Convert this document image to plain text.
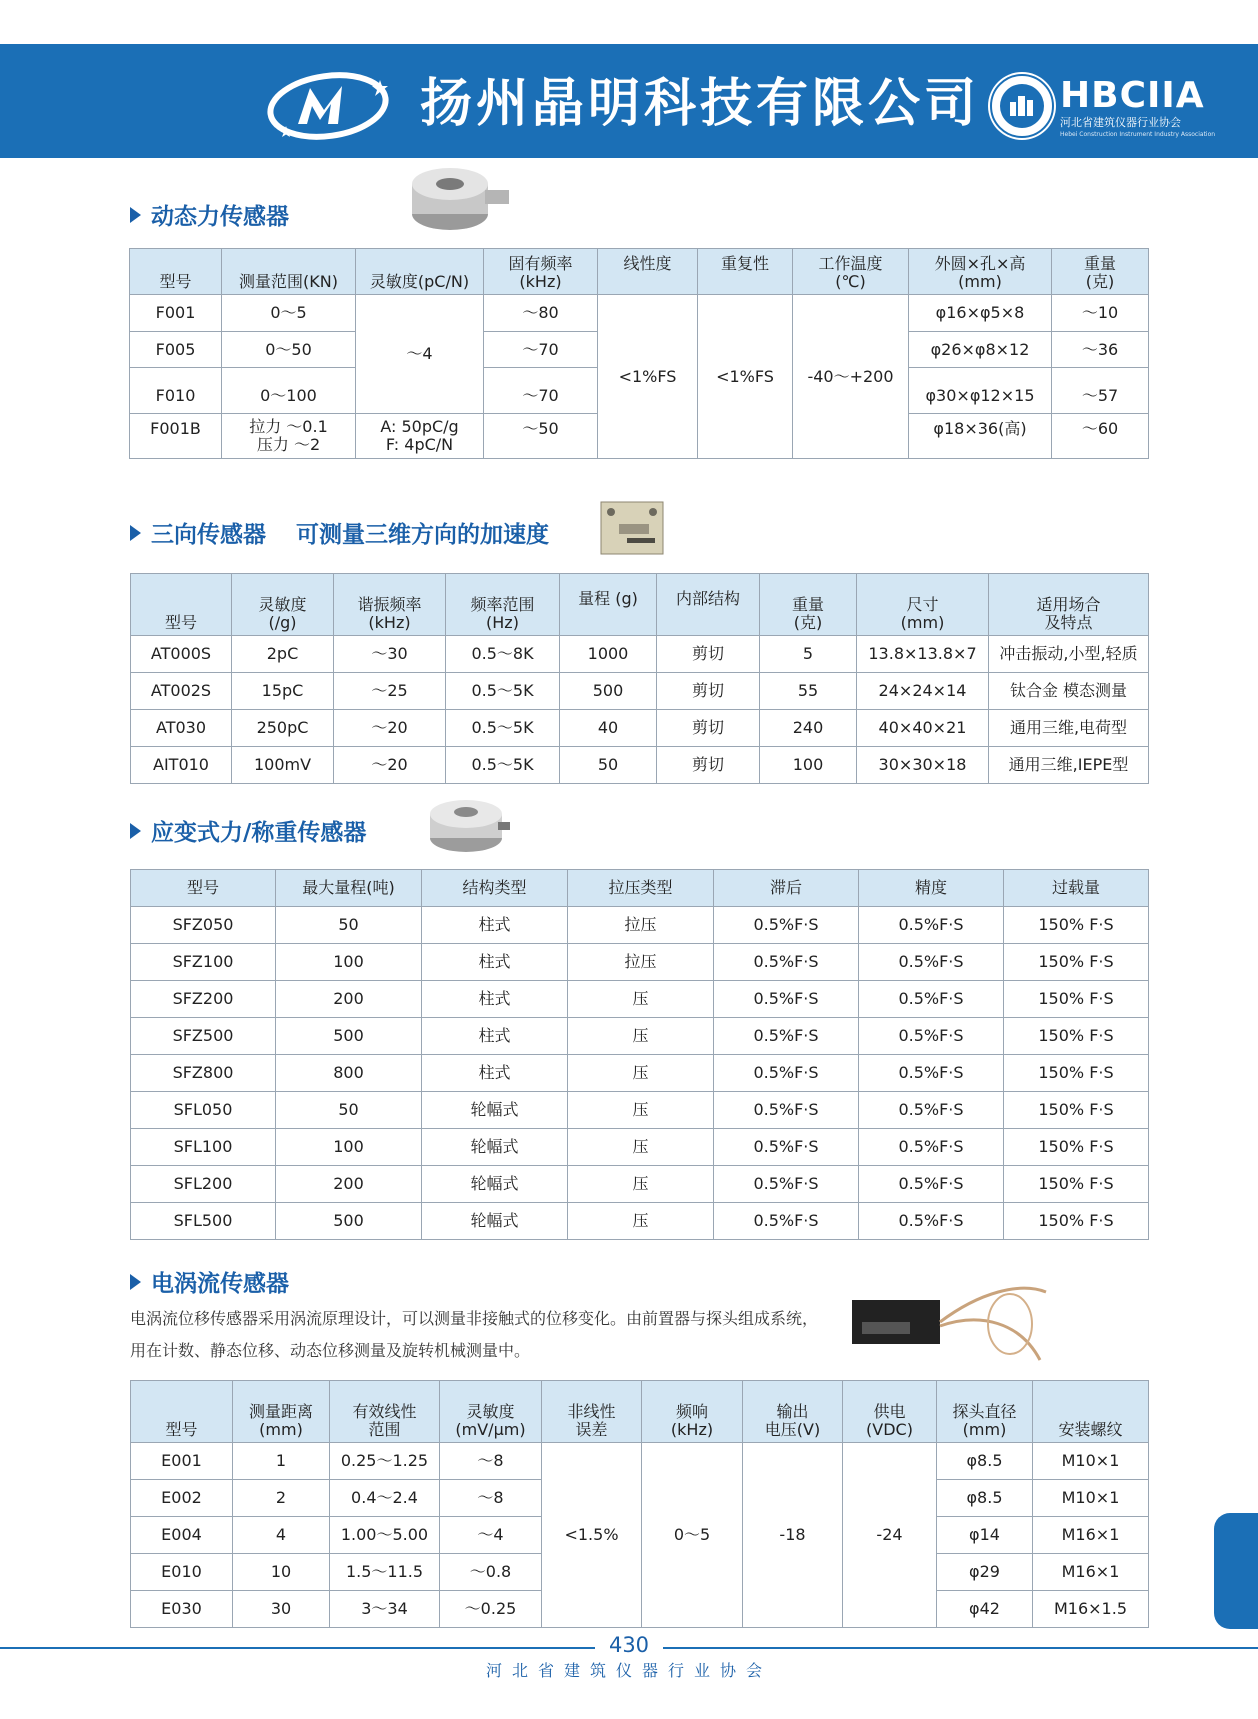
扬州晶明科技有限公司 HBCIIA
河北省建筑仪器行业协会
Hebei Construction Instrument Industry Association
动态力传感器
型号	测量范围(KN)	灵敏度(pC/N)	固有频率
(kHz)	线性度	重复性	工作温度
(℃)	外圆×孔×高
(mm)	重量
(克)
F001	0～5	～4	～80	<1%FS	<1%FS	-40～+200	φ16×φ5×8	～10
F005	0～50		～70				φ26×φ8×12	～36
F010	0～100		～70				φ30×φ12×15	～57
F001B	拉力 ～0.1
压力 ～2	A: 50pC/g
F: 4pC/N	～50				φ18×36(高)	～60
三向传感器 可测量三维方向的加速度
型号	灵敏度
(/g)	谐振频率
(kHz)	频率范围
(Hz)	量程 (g)	内部结构	重量
(克)	尺寸
(mm)	适用场合
及特点
AT000S	2pC	～30	0.5～8K	1000	剪切	5	13.8×13.8×7	冲击振动,小型,轻质
AT002S	15pC	～25	0.5～5K	500	剪切	55	24×24×14	钛合金 模态测量
AT030	250pC	～20	0.5～5K	40	剪切	240	40×40×21	通用三维,电荷型
AIT010	100mV	～20	0.5～5K	50	剪切	100	30×30×18	通用三维,IEPE型
应变式力/称重传感器
型号	最大量程(吨)	结构类型	拉压类型	滞后	精度	过载量
SFZ050	50	柱式	拉压	0.5%F·S	0.5%F·S	150% F·S
SFZ100	100	柱式	拉压	0.5%F·S	0.5%F·S	150% F·S
SFZ200	200	柱式	压	0.5%F·S	0.5%F·S	150% F·S
SFZ500	500	柱式	压	0.5%F·S	0.5%F·S	150% F·S
SFZ800	800	柱式	压	0.5%F·S	0.5%F·S	150% F·S
SFL050	50	轮幅式	压	0.5%F·S	0.5%F·S	150% F·S
SFL100	100	轮幅式	压	0.5%F·S	0.5%F·S	150% F·S
SFL200	200	轮幅式	压	0.5%F·S	0.5%F·S	150% F·S
SFL500	500	轮幅式	压	0.5%F·S	0.5%F·S	150% F·S
电涡流传感器
电涡流位移传感器采用涡流原理设计，可以测量非接触式的位移变化。由前置器与探头组成系统，
用在计数、静态位移、动态位移测量及旋转机械测量中。
型号	测量距离
(mm)	有效线性
范围	灵敏度
(mV/μm)	非线性
误差	频响
(kHz)	输出
电压(V)	供电
(VDC)	探头直径
(mm)	安装螺纹
E001	1	0.25～1.25	～8	<1.5%	0～5	-18	-24	φ8.5	M10×1
E002	2	0.4～2.4	～8					φ8.5	M10×1
E004	4	1.00～5.00	～4					φ14	M16×1
E010	10	1.5～11.5	～0.8					φ29	M16×1
E030	30	3～34	～0.25					φ42	M16×1.5
430
河北省建筑仪器行业协会
